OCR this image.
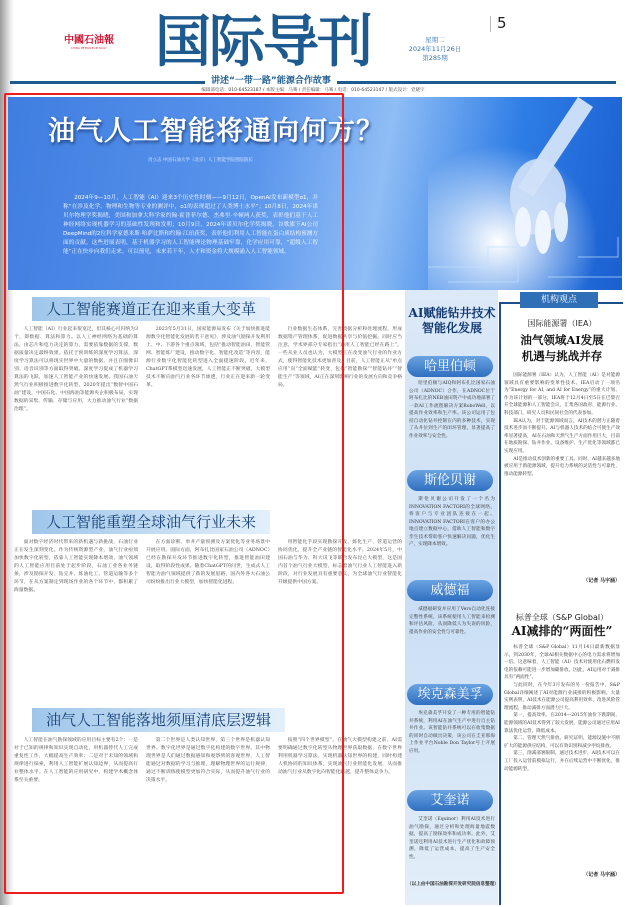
中國石油報
CHINA PETROLEUM DAILY 国际导刊	星期二
2024年11月26日
第285期
5
讲述“一带一路”能源合作故事
编辑部电话：010-64523187 / 本版主编：马骞 / 责任编辑：马骞 / 电话：010-64523147 / 版式设计：党晓宇
油气人工智能将通向何方？
肖立志 中国石油大学（北京）人工智能学院创院院长
2024年9—10月，人工智能（AI）迎来3个历史性时刻——9月12日，OpenAI发布新模型o1，并称“在涉及化学、物理和生物等专业的测评中，o1的表现超过了人类博士水平”；10月8日，2024年诺贝尔物理学奖揭晓，美国和加拿大科学家约翰·霍普菲尔德、杰弗里·辛顿两人获奖，表彰他们基于人工神经网络实现机器学习的基础性发现和发明；10月9日，2024年诺贝尔化学奖揭晓，谷歌旗下AI公司DeepMind的2位科学家德米斯·哈萨比斯和约翰·江珀获奖，表彰他们利用人工智能在蛋白质结构预测方面的贡献。这些进展表明，基于机器学习的人工智能理论物理基础牢靠，化学应用可靠，“超级人工智能”正在快步向我们走来。可以预见，未来若干年，人才和资金将大规模涌入人工智能领域。
人工智能赛道正在迎来重大变革

人工智能（AI）行业起来很宽泛，但其核心可归纳为3个，即数据、算法和算力。以人工神经网络为基础的算法，由芯片和电力决定的算力，需要依靠数据的支撑，数据质量决定最终效果。依托于预训练的深度学习算法，深度学习算法可以将现实世界中大量的数据，并且在图像识别、语音识别等方面取得突破。深度学习促成了机器学习算法的飞跃，加速人工智能产业的快速发展。我国石油天然气行业积极推进数字化转型，2020年提出“数智中国石油”建设，中国石化、中国海油等能源央企积极布局，实现数据的采集、传输、存储与应用，大力推动油气行业“数据治理”。

2023年5月31日，国家能源局发布《关于加快推进能源数字化智能化发展的若干意见》，涉及油气勘探开发利用上、中、下游各个重点领域，包括“推动智能油田、智能管网、智能炼厂建设，推动数字化、智能化改造”等内容，能源行业数字化智能化转型进入全面提速阶段。近年来，ChatGPT系模型迅速发展，人工智能正不断突破，大模型技术不断向油气行业各环节渗透，行业正在迎来新一轮变革。

行业数据生态体系，完善数据分析和处理流程，形成数据资产管理体系，促进数据共享与价值挖掘。同时应当注意，学术界部分专家指出“通用人工智能已经在路上”。一些从业人员也认为，大模型正在改变油气行业的作业方式，使得智能化技术更加普及。目前，人工智能正从“单点应用”向“全面赋能”转变，包括“智能勘探”“智能钻井”“智能生产”等领域，AI正在深刻影响行业的发展方向和竞争格局。

人工智能重塑全球油气行业未来

面对数字经济时代带来的新机遇与新挑战，石油行业正在发生深刻变化。作为传统资源型产业，油气行业亟须加快数字化转型，依靠人工智能实现降本增效。油气领域的人工智能应用目前处于起步阶段，石油工业各业务链条，涉及勘探开发、钻完井、炼油化工、管道运输等多个环节，在从方案制定到现场作业的各个环节中，都积累了海量数据。

在方面诊断、单井产量预测及方案优化等业务场景中开展应用。国际方面，阿布扎比国家石油公司（ADNOC）已经在勘探开发环节推进数字化转型，推进智能油田建设，取得阶段性成果。随着ChatGPT的问世，生成式人工智能为油气领域提供了新的发展思路，国内外各大石油公司纷纷推出行业大模型，加快智能化进程。

用智能化手段实现勘探开发、炼化生产、管道运营的协同优化，提升全产业链的智能化水平。2024年5月，中国石油与华为、科大讯飞等联合发布昆仑大模型，这是国内首个油气行业大模型，标志着油气行业人工智能进入新阶段，对行业发展具有重要意义，为全球油气行业智能化升级提供中国方案。

油气人工智能落地须厘清底层逻辑

人工智能在油气勘探领域的应用目标主要有2个：一是对于已知的规律和知识实现自动化，用机器替代人工完成重复性工作，大幅提高生产效率；二是对于未知的领域和规律进行探索，利用人工智能扩展认知边界，从而提高行业整体水平。在人工智能的应用研究中，构建学术概念体系至关重要。

第二个世界是人类认知世界，第三个世界是机器认知世界。数字化世界是通过数字化构建的数字世界。其中物理世界是人们通过数据感知和观察到的客观世界，人工智能通过对数据的学习与推理，理解物理世界的运行规律，通过不断训练使模型更加符合实际，从而提升油气行业的决策水平。

按照“四个世界模型”，在油气大模型构建之前，AI需要明确通过数字化转型从物理世界获取数据，在数字世界利用机器学习算法，实现机器认知世界的构建，同时构建人机协同的知识体系，实现油气行业智能化发展，从而推动油气行业从数字化向智能化跨越，提升整体竞争力。

AI赋能钻井技术智能化发展
哈里伯顿
哈里伯顿与AIQ和阿布扎比国家石油公司（ADNOC）合作，在ADNOC位于阿布扎比的NEB油田资产中成功地部署了一款AI工作流程解决方案RoboWell，以提高作业效率和生产率。该公司运用了包括自动化钻井控制在内的多种技术，实现了从井位到生产的闭环管理，显著提高了作业效率与安全性。
斯伦贝谢
斯伦贝谢公司开发了一个名为INNOVATION FACTORI的全球网络，将客户与专业团队连接在一起。INNOVATION FACTORI在客户的办公地点建立数据中心，借助人工智能和数字孪生技术帮助客户快速解决问题，优化生产，实现降本增效。
威德福
威德福研发并应用了Vero自动化连接完整性系统，该系统使用人工智能来检测和评估风险，从而降低人为失误的风险，提高作业的安全性与可靠性。
埃克森美孚
埃克森美孚开发了一种专用的智能钻井系统，利用AI在油气生产中进行自主钻井作业。该智能钻井系统可以在收集数据的同时自动做出决策，该公司在圭亚那海上作业平台Noble Don Taylor号上开展应用。
艾奎诺
艾奎诺（Equinor）利用AI技术进行油气勘探，通过分析和处理海量地震数据，提高了勘探效率和成功率。此外，艾奎诺还利用AI技术进行生产优化和故障预测，降低了运营成本，提高了生产安全性。
（以上由中国石油勘探开发研究院信息整理）
机构观点
国际能源署（IEA）
油气领域AI发展
机遇与挑战并存

国际能源署（IEA）认为，人工智能（AI）是对能源领域具有重要影响的变革性技术。IEA启动了一项名为“Energy for AI, and AI for Energy”的重大计划，作为该计划的一部分，IEA将于12月4日至5日在巴黎召开全球能源和人工智能会议，汇集各国政府、能源行业、科技部门、研究人员和民间社会的代表参加。

IEA认为，对于能源领域而言，AI技术的潜力正随着技术进步而不断提升。AI与机器人技术的结合可使生产效率显著提高，AI在石油和天然气生产方面作用巨大，目前在地质勘探、钻井作业、设备维护、生产优化等领域都已实现应用。

AI是推动技术创新的重要工具。同时，AI越来越多地被应用于新能源领域，提升电力系统的灵活性与可靠性，推动能源转型。

（记者 马宇涵）
标普全球（S&P Global）
AI减排的“两面性”

标普全球（S&P Global）11月14日最新数据显示，到2030年，全球AI相关数据中心的电力需求将增加一倍。这意味着，人工智能（AI）技术对使用化石燃料发电的依赖可能进一步增加碳排放。因此，AI运用对于减排具有“两面性”。

与此同时，在今年3月发布的另一份报告中，S&P Global详细阐述了AI对能源行业减排的积极影响。大量实例表明，AI技术在能源公司提高利用效率、改进风险管理流程、推动减排方面潜力巨大。

第一，提高效率。在2014—2015年油价下跌期间，能源领域的AI技术得到了较大发展，能源公司通过应用AI算法优化运营，降低成本。

第二，管理天然气排放。研究证明，能源设施中不断扩大的能源供应结构，可以有效识别和减少甲烷排放。

第三，削减部署限制。通过技术进步，AI技术可以在工厂投入运营前模拟运行，并在后续运营中不断优化，推动能源转型。

（记者 马宇涵）
